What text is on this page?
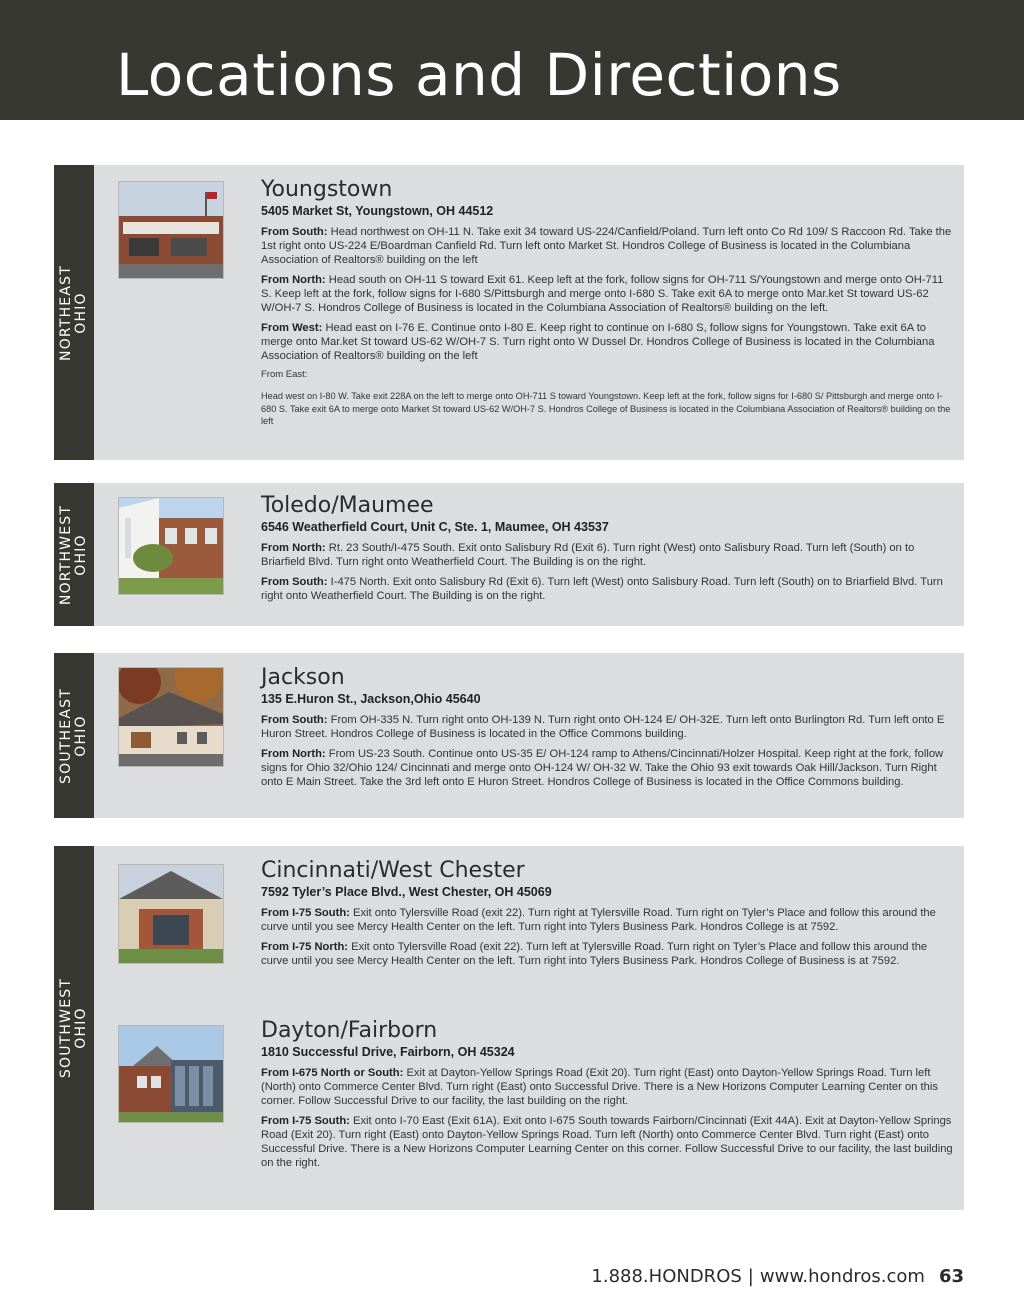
Locations and Directions
NORTHEAST OHIO
Youngstown

5405 Market St, Youngstown, OH 44512

From South: Head northwest on OH-11 N. Take exit 34 toward US-224/Canfield/Poland. Turn left onto Co Rd 109/ S Raccoon Rd. Take the 1st right onto US-224 E/Boardman Canfield Rd. Turn left onto Market St. Hondros College of Business is located in the Columbiana Association of Realtors® building on the left

From North: Head south on OH-11 S toward Exit 61. Keep left at the fork, follow signs for OH-711 S/Youngstown and merge onto OH-711 S. Keep left at the fork, follow signs for I-680 S/Pittsburgh and merge onto I-680 S. Take exit 6A to merge onto Mar.ket St toward US-62 W/OH-7 S. Hondros College of Business is located in the Columbiana Association of Realtors® building on the left.

From West: Head east on I-76 E. Continue onto I-80 E. Keep right to continue on I-680 S, follow signs for Youngstown. Take exit 6A to merge onto Mar.ket St toward US-62 W/OH-7 S. Turn right onto W Dussel Dr. Hondros College of Business is located in the Columbiana Association of Realtors® building on the left

From East:

Head west on I-80 W. Take exit 228A on the left to merge onto OH-711 S toward Youngstown. Keep left at the fork, follow signs for I-680 S/ Pittsburgh and merge onto I-680 S. Take exit 6A to merge onto Market St toward US-62 W/OH-7 S. Hondros College of Business is located in the Columbiana Association of Realtors® building on the left

NORTHWEST OHIO
Toledo/Maumee

6546 Weatherfield Court, Unit C, Ste. 1, Maumee, OH 43537

From North: Rt. 23 South/I-475 South. Exit onto Salisbury Rd (Exit 6). Turn right (West) onto Salisbury Road. Turn left (South) on to Briarfield Blvd. Turn right onto Weatherfield Court. The Building is on the right.

From South: I-475 North. Exit onto Salisbury Rd (Exit 6). Turn left (West) onto Salisbury Road. Turn left (South) on to Briarfield Blvd. Turn right onto Weatherfield Court. The Building is on the right.

SOUTHEAST OHIO
Jackson

135 E.Huron St., Jackson,Ohio 45640

From South: From OH-335 N. Turn right onto OH-139 N. Turn right onto OH-124 E/ OH-32E. Turn left onto Burlington Rd. Turn left onto E Huron Street. Hondros College of Business is located in the Office Commons building.

From North: From US-23 South. Continue onto US-35 E/ OH-124 ramp to Athens/Cincinnati/Holzer Hospital. Keep right at the fork, follow signs for Ohio 32/Ohio 124/ Cincinnati and merge onto OH-124 W/ OH-32 W. Take the Ohio 93 exit towards Oak Hill/Jackson. Turn Right onto E Main Street. Take the 3rd left onto E Huron Street. Hondros College of Business is located in the Office Commons building.

SOUTHWEST OHIO
Cincinnati/West Chester

7592 Tyler’s Place Blvd., West Chester, OH 45069

From I-75 South: Exit onto Tylersville Road (exit 22). Turn right at Tylersville Road. Turn right on Tyler’s Place and follow this around the curve until you see Mercy Health Center on the left. Turn right into Tylers Business Park. Hondros College is at 7592.

From I-75 North: Exit onto Tylersville Road (exit 22). Turn left at Tylersville Road. Turn right on Tyler’s Place and follow this around the curve until you see Mercy Health Center on the left. Turn right into Tylers Business Park. Hondros College of Business is at 7592.

Dayton/Fairborn

1810 Successful Drive, Fairborn, OH 45324

From I-675 North or South: Exit at Dayton-Yellow Springs Road (Exit 20). Turn right (East) onto Dayton-Yellow Springs Road. Turn left (North) onto Commerce Center Blvd. Turn right (East) onto Successful Drive. There is a New Horizons Computer Learning Center on this corner. Follow Successful Drive to our facility, the last building on the right.

From I-75 South: Exit onto I-70 East (Exit 61A). Exit onto I-675 South towards Fairborn/Cincinnati (Exit 44A). Exit at Dayton-Yellow Springs Road (Exit 20). Turn right (East) onto Dayton-Yellow Springs Road. Turn left (North) onto Commerce Center Blvd. Turn right (East) onto Successful Drive. There is a New Horizons Computer Learning Center on this corner. Follow Successful Drive to our facility, the last building on the right.

1.888.HONDROS | www.hondros.com 63
